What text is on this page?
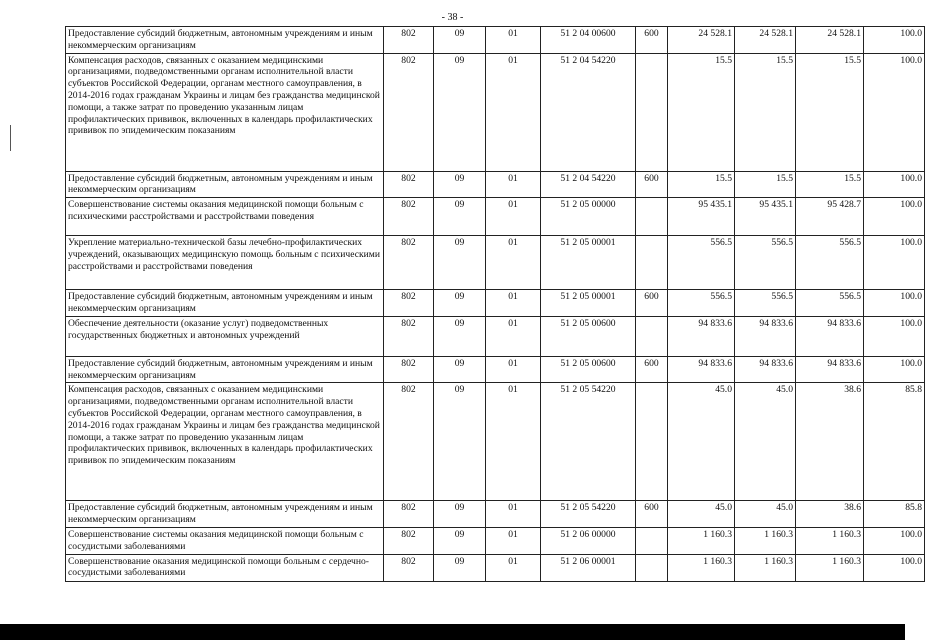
- 38 -
Предоставление субсидий бюджетным, автономным учреждениям и иным некоммерческим организациям	802	09	01	51 2 04 00600	600	24 528.1	24 528.1	24 528.1	100.0
Компенсация расходов, связанных с оказанием медицинскими организациями, подведомственными органам исполнительной власти субъектов Российской Федерации, органам местного самоуправления, в 2014-2016 годах гражданам Украины и лицам без гражданства медицинской помощи, а также затрат по проведению указанным лицам профилактических прививок, включенных в календарь профилактических прививок по эпидемическим показаниям	802	09	01	51 2 04 54220		15.5	15.5	15.5	100.0
Предоставление субсидий бюджетным, автономным учреждениям и иным некоммерческим организациям	802	09	01	51 2 04 54220	600	15.5	15.5	15.5	100.0
Совершенствование системы оказания медицинской помощи больным с психическими расстройствами и расстройствами поведения	802	09	01	51 2 05 00000		95 435.1	95 435.1	95 428.7	100.0
Укрепление материально-технической базы лечебно-профилактических учреждений, оказывающих медицинскую помощь больным с психическими расстройствами и расстройствами поведения	802	09	01	51 2 05 00001		556.5	556.5	556.5	100.0
Предоставление субсидий бюджетным, автономным учреждениям и иным некоммерческим организациям	802	09	01	51 2 05 00001	600	556.5	556.5	556.5	100.0
Обеспечение деятельности (оказание услуг) подведомственных государственных бюджетных и автономных учреждений	802	09	01	51 2 05 00600		94 833.6	94 833.6	94 833.6	100.0
Предоставление субсидий бюджетным, автономным учреждениям и иным некоммерческим организациям	802	09	01	51 2 05 00600	600	94 833.6	94 833.6	94 833.6	100.0
Компенсация расходов, связанных с оказанием медицинскими организациями, подведомственными органам исполнительной власти субъектов Российской Федерации, органам местного самоуправления, в 2014-2016 годах гражданам Украины и лицам без гражданства медицинской помощи, а также затрат по проведению указанным лицам профилактических прививок, включенных в календарь профилактических прививок по эпидемическим показаниям	802	09	01	51 2 05 54220		45.0	45.0	38.6	85.8
Предоставление субсидий бюджетным, автономным учреждениям и иным некоммерческим организациям	802	09	01	51 2 05 54220	600	45.0	45.0	38.6	85.8
Совершенствование системы оказания медицинской помощи больным с сосудистыми заболеваниями	802	09	01	51 2 06 00000		1 160.3	1 160.3	1 160.3	100.0
Совершенствование оказания медицинской помощи больным с сердечно-сосудистыми заболеваниями	802	09	01	51 2 06 00001		1 160.3	1 160.3	1 160.3	100.0
